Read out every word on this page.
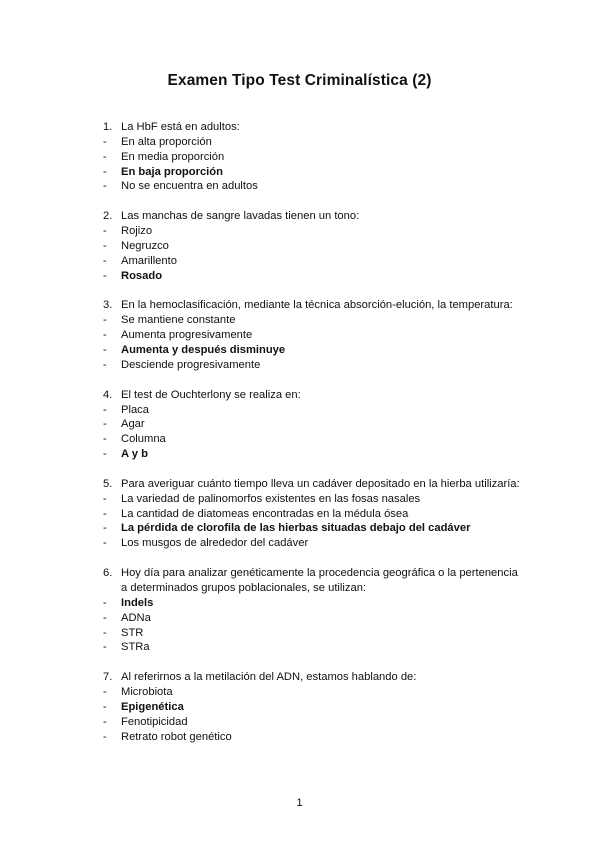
Examen Tipo Test Criminalística (2)
1. La HbF está en adultos:
-	En alta proporción
-	En media proporción
-	En baja proporción
-	No se encuentra en adultos
2. Las manchas de sangre lavadas tienen un tono:
-	Rojizo
-	Negruzco
-	Amarillento
-	Rosado
3. En la hemoclasificación, mediante la técnica absorción-elución, la temperatura:
-	Se mantiene constante
-	Aumenta progresivamente
-	Aumenta y después disminuye
-	Desciende progresivamente
4. El test de Ouchterlony se realiza en:
-	Placa
-	Agar
-	Columna
-	A y b
5. Para averiguar cuánto tiempo lleva un cadáver depositado en la hierba utilizaría:
-	La variedad de palinomorfos existentes en las fosas nasales
-	La cantidad de diatomeas encontradas en la médula ósea
-	La pérdida de clorofila de las hierbas situadas debajo del cadáver
-	Los musgos de alrededor del cadáver
6. Hoy día para analizar genéticamente la procedencia geográfica o la pertenencia a determinados grupos poblacionales, se utilizan:
-	Indels
-	ADNa
-	STR
-	STRa
7. Al referirnos a la metilación del ADN, estamos hablando de:
-	Microbiota
-	Epigenética
-	Fenotipicidad
-	Retrato robot genético
1
